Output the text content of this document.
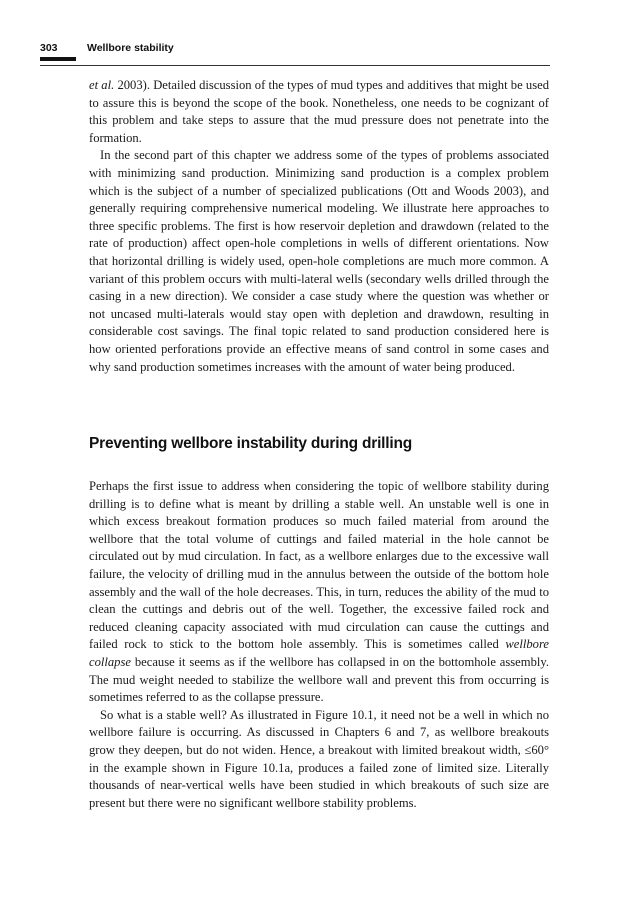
303	Wellbore stability

et al. 2003). Detailed discussion of the types of mud types and additives that might be used to assure this is beyond the scope of the book. Nonetheless, one needs to be cognizant of this problem and take steps to assure that the mud pressure does not penetrate into the formation.

In the second part of this chapter we address some of the types of problems associated with minimizing sand production. Minimizing sand production is a complex problem which is the subject of a number of specialized publications (Ott and Woods 2003), and generally requiring comprehensive numerical modeling. We illustrate here approaches to three specific problems. The first is how reservoir depletion and drawdown (related to the rate of production) affect open-hole completions in wells of different orientations. Now that horizontal drilling is widely used, open-hole completions are much more common. A variant of this problem occurs with multi-lateral wells (secondary wells drilled through the casing in a new direction). We consider a case study where the question was whether or not uncased multi-laterals would stay open with depletion and drawdown, resulting in considerable cost savings. The final topic related to sand production considered here is how oriented perforations provide an effective means of sand control in some cases and why sand production sometimes increases with the amount of water being produced.

Preventing wellbore instability during drilling

Perhaps the first issue to address when considering the topic of wellbore stability during drilling is to define what is meant by drilling a stable well. An unstable well is one in which excess breakout formation produces so much failed material from around the wellbore that the total volume of cuttings and failed material in the hole cannot be circulated out by mud circulation. In fact, as a wellbore enlarges due to the excessive wall failure, the velocity of drilling mud in the annulus between the outside of the bottom hole assembly and the wall of the hole decreases. This, in turn, reduces the ability of the mud to clean the cuttings and debris out of the well. Together, the excessive failed rock and reduced cleaning capacity associated with mud circulation can cause the cuttings and failed rock to stick to the bottom hole assembly. This is sometimes called wellbore collapse because it seems as if the wellbore has collapsed in on the bottomhole assembly. The mud weight needed to stabilize the wellbore wall and prevent this from occurring is sometimes referred to as the collapse pressure.

So what is a stable well? As illustrated in Figure 10.1, it need not be a well in which no wellbore failure is occurring. As discussed in Chapters 6 and 7, as wellbore breakouts grow they deepen, but do not widen. Hence, a breakout with limited breakout width, ≤60° in the example shown in Figure 10.1a, produces a failed zone of limited size. Literally thousands of near-vertical wells have been studied in which breakouts of such size are present but there were no significant wellbore stability problems.
